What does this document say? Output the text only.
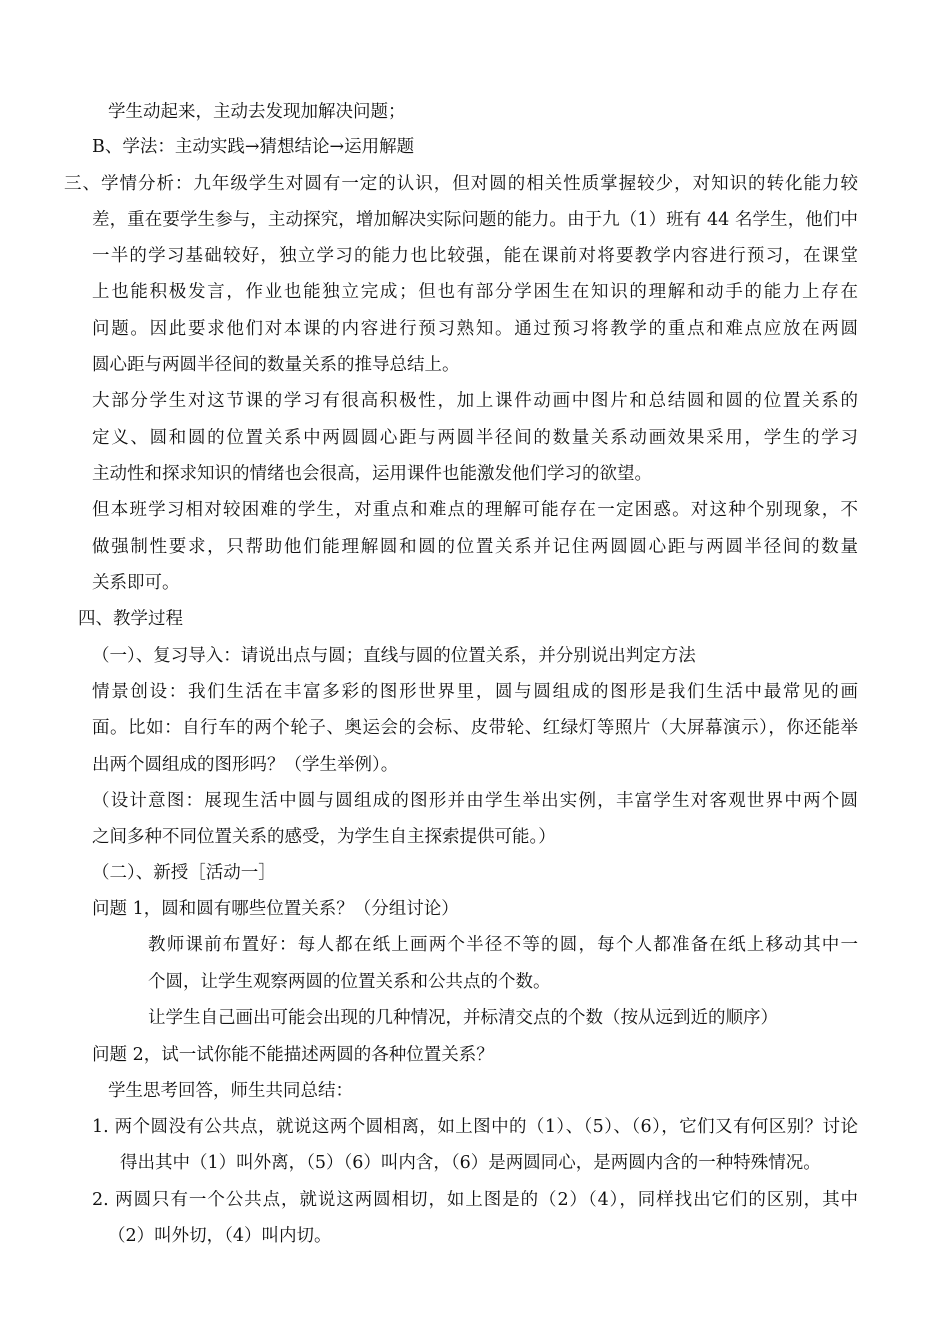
学生动起来，主动去发现加解决问题；
B、学法：主动实践→猜想结论→运用解题
三、学情分析：九年级学生对圆有一定的认识，但对圆的相关性质掌握较少，对知识的转化能力较
差，重在要学生参与，主动探究，增加解决实际问题的能力。由于九（1）班有 44 名学生，他们中
一半的学习基础较好，独立学习的能力也比较强，能在课前对将要教学内容进行预习，在课堂
上也能积极发言，作业也能独立完成；但也有部分学困生在知识的理解和动手的能力上存在
问题。因此要求他们对本课的内容进行预习熟知。通过预习将教学的重点和难点应放在两圆
圆心距与两圆半径间的数量关系的推导总结上。
大部分学生对这节课的学习有很高积极性，加上课件动画中图片和总结圆和圆的位置关系的
定义、圆和圆的位置关系中两圆圆心距与两圆半径间的数量关系动画效果采用，学生的学习
主动性和探求知识的情绪也会很高，运用课件也能激发他们学习的欲望。
但本班学习相对较困难的学生，对重点和难点的理解可能存在一定困惑。对这种个别现象，不
做强制性要求，只帮助他们能理解圆和圆的位置关系并记住两圆圆心距与两圆半径间的数量
关系即可。
四、教学过程
（一）、复习导入：请说出点与圆；直线与圆的位置关系，并分别说出判定方法
情景创设：我们生活在丰富多彩的图形世界里，圆与圆组成的图形是我们生活中最常见的画
面。比如：自行车的两个轮子、奥运会的会标、皮带轮、红绿灯等照片（大屏幕演示），你还能举
出两个圆组成的图形吗？（学生举例）。
（设计意图：展现生活中圆与圆组成的图形并由学生举出实例，丰富学生对客观世界中两个圆
之间多种不同位置关系的感受，为学生自主探索提供可能。）
（二）、新授［活动一］
问题 1，圆和圆有哪些位置关系？（分组讨论）
教师课前布置好：每人都在纸上画两个半径不等的圆，每个人都准备在纸上移动其中一
个圆，让学生观察两圆的位置关系和公共点的个数。
让学生自己画出可能会出现的几种情况，并标清交点的个数（按从远到近的顺序）
问题 2，试一试你能不能描述两圆的各种位置关系？
学生思考回答，师生共同总结：
1. 两个圆没有公共点，就说这两个圆相离，如上图中的（1）、（5）、（6），它们又有何区别？讨论
得出其中（1）叫外离，（5）（6）叫内含，（6）是两圆同心，是两圆内含的一种特殊情况。
2. 两圆只有一个公共点，就说这两圆相切，如上图是的（2）（4），同样找出它们的区别，其中
（2）叫外切，（4）叫内切。
